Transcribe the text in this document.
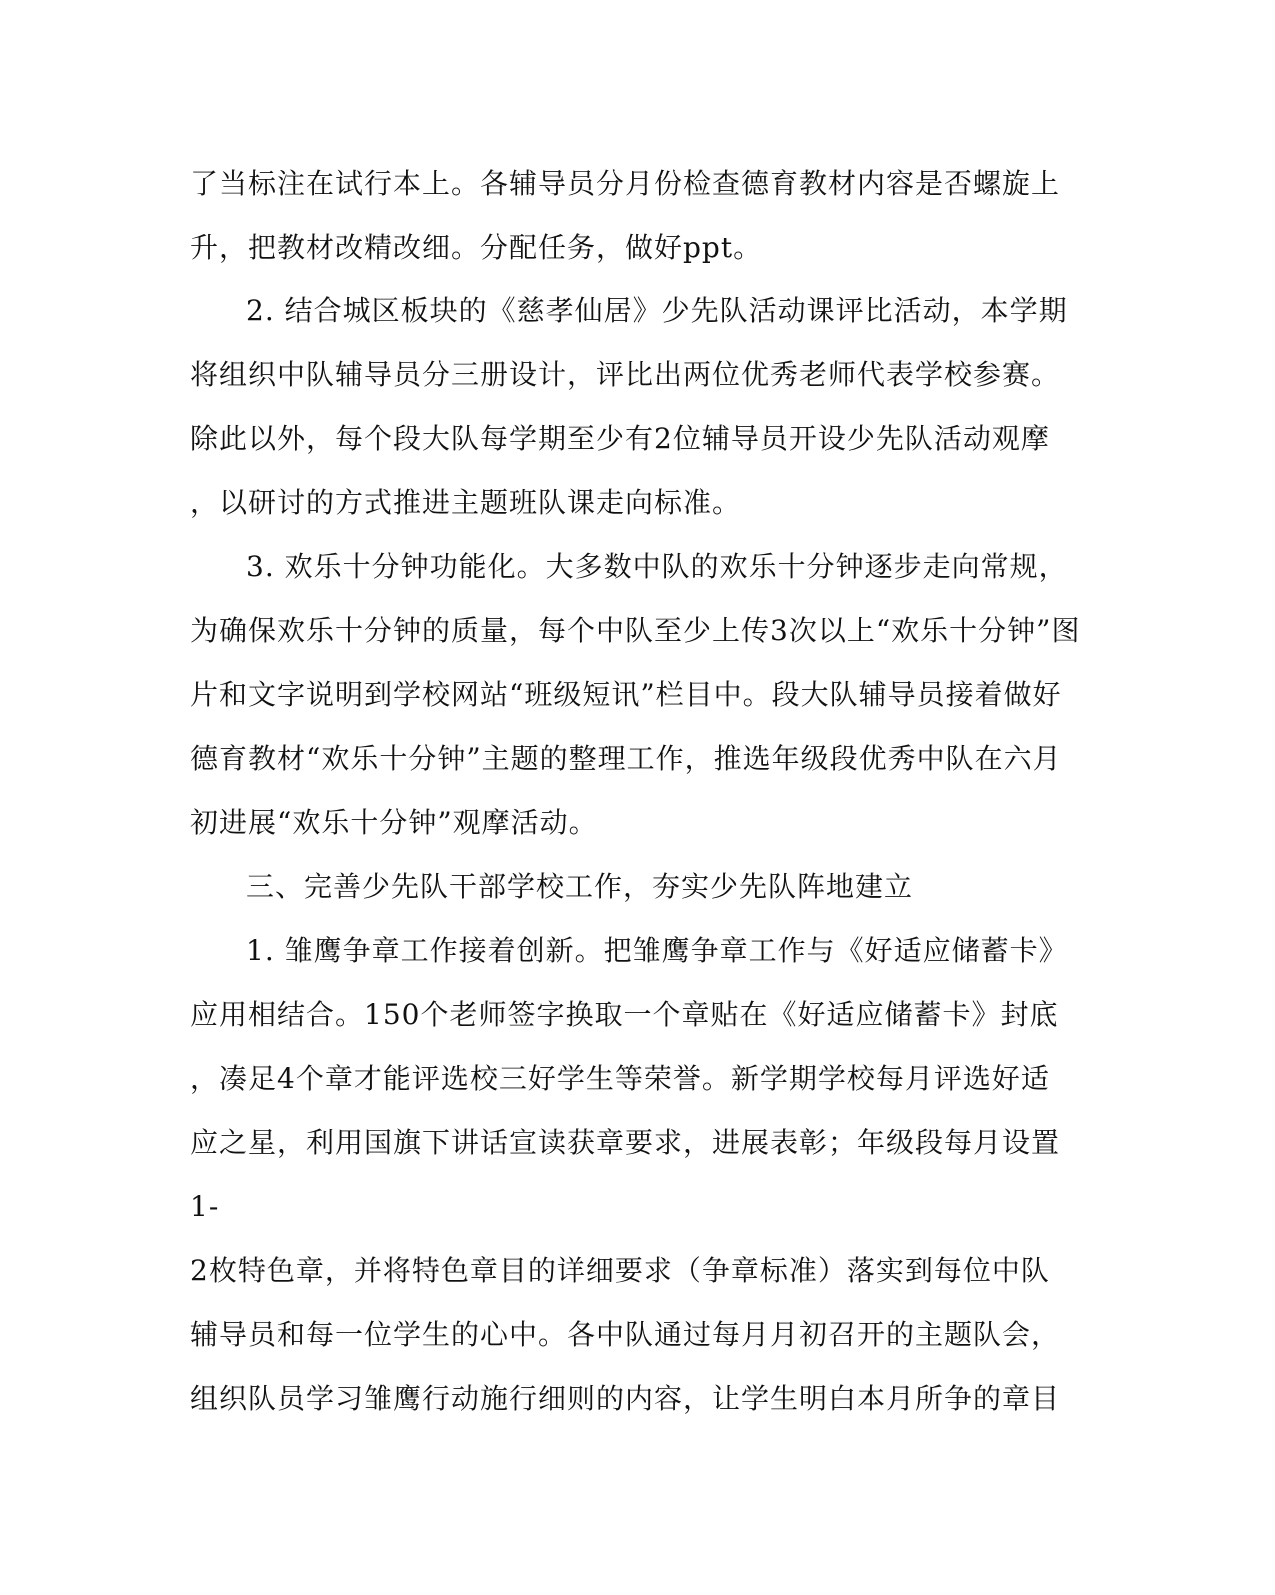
了当标注在试行本上。各辅导员分月份检查德育教材内容是否螺旋上
升，把教材改精改细。分配任务，做好ppt。
2. 结合城区板块的《慈孝仙居》少先队活动课评比活动，本学期
将组织中队辅导员分三册设计，评比出两位优秀老师代表学校参赛。
除此以外，每个段大队每学期至少有2位辅导员开设少先队活动观摩
，以研讨的方式推进主题班队课走向标准。
3. 欢乐十分钟功能化。大多数中队的欢乐十分钟逐步走向常规，
为确保欢乐十分钟的质量，每个中队至少上传3次以上“欢乐十分钟”图
片和文字说明到学校网站“班级短讯”栏目中。段大队辅导员接着做好
德育教材“欢乐十分钟”主题的整理工作，推选年级段优秀中队在六月
初进展“欢乐十分钟”观摩活动。
三、完善少先队干部学校工作，夯实少先队阵地建立
1. 雏鹰争章工作接着创新。把雏鹰争章工作与《好适应储蓄卡》
应用相结合。150个老师签字换取一个章贴在《好适应储蓄卡》封底
，凑足4个章才能评选校三好学生等荣誉。新学期学校每月评选好适
应之星，利用国旗下讲话宣读获章要求，进展表彰；年级段每月设置
1-
2枚特色章，并将特色章目的详细要求（争章标准）落实到每位中队
辅导员和每一位学生的心中。各中队通过每月月初召开的主题队会，
组织队员学习雏鹰行动施行细则的内容，让学生明白本月所争的章目
